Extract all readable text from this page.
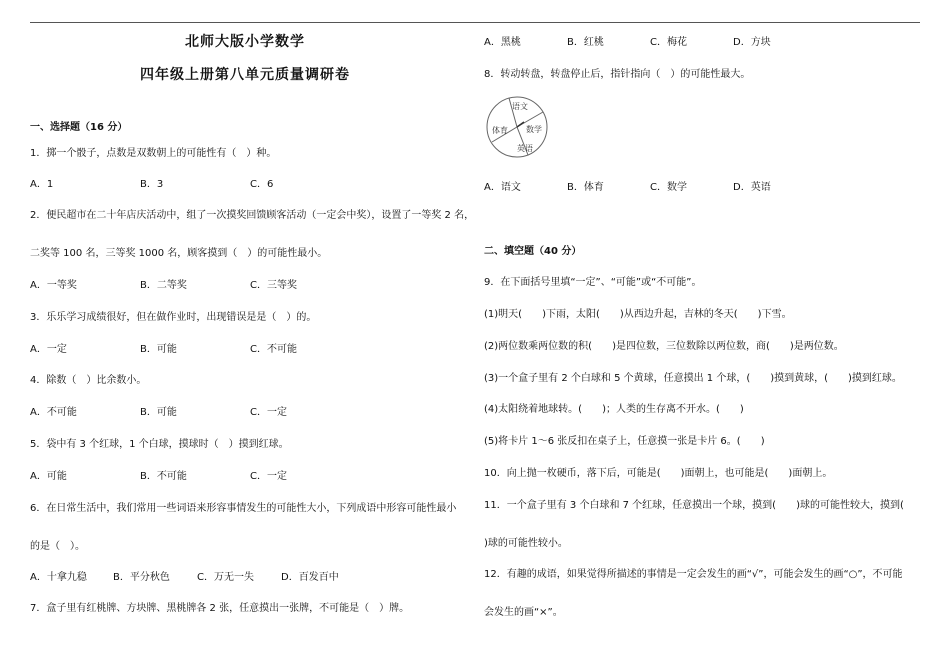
北师大版小学数学
四年级上册第八单元质量调研卷
一、选择题（16 分）
1．掷一个骰子，点数是双数朝上的可能性有（　）种。
A．1	B．3	C．6
2．便民超市在二十年店庆活动中，组了一次摸奖回馈顾客活动（一定会中奖），设置了一等奖 2 名，
二奖等 100 名，三等奖 1000 名，顾客摸到（　）的可能性最小。
A．一等奖	B．二等奖	C．三等奖
3．乐乐学习成绩很好，但在做作业时，出现错误是是（　）的。
A．一定	B．可能	C．不可能
4．除数（　）比余数小。
A．不可能	B．可能	C．一定
5．袋中有 3 个红球，1 个白球，摸球时（　）摸到红球。
A．可能	B．不可能	C．一定
6．在日常生活中，我们常用一些词语来形容事情发生的可能性大小，下列成语中形容可能性最小
的是（　）。
A．十拿九稳	B．平分秋色	C．万无一失	D．百发百中
7．盒子里有红桃牌、方块牌、黑桃牌各 2 张，任意摸出一张牌，不可能是（　）牌。
A．黑桃	B．红桃	C．梅花	D．方块
8．转动转盘，转盘停止后，指针指向（　）的可能性最大。
语文
数学
英语
体育
A．语文	B．体育	C．数学	D．英语
二、填空题（40 分）
9．在下面括号里填“一定”、“可能”或“不可能”。
(1)明天(　　)下雨，太阳(　　)从西边升起，吉林的冬天(　　)下雪。
(2)两位数乘两位数的积(　　)是四位数，三位数除以两位数，商(　　)是两位数。
(3)一个盒子里有 2 个白球和 5 个黄球，任意摸出 1 个球，(　　)摸到黄球，(　　)摸到红球。
(4)太阳绕着地球转。(　　)；人类的生存离不开水。(　　)
(5)将卡片 1～6 张反扣在桌子上，任意摸一张是卡片 6。(　　)
10．向上抛一枚硬币，落下后，可能是(　　)面朝上，也可能是(　　)面朝上。
11．一个盒子里有 3 个白球和 7 个红球，任意摸出一个球，摸到(　　)球的可能性较大，摸到(
)球的可能性较小。
12．有趣的成语，如果觉得所描述的事情是一定会发生的画“√”，可能会发生的画“○”，不可能
会发生的画“×”。
